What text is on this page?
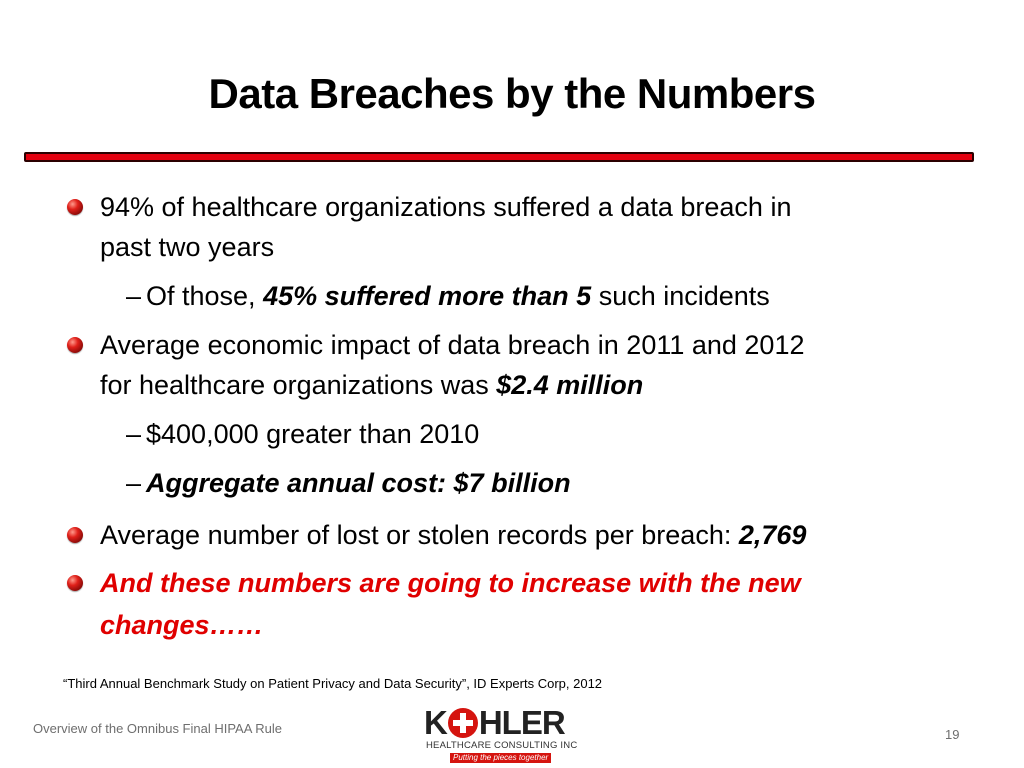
Data Breaches by the Numbers
94% of healthcare organizations suffered a data breach in
past two years
– Of those, 45% suffered more than 5 such incidents
Average economic impact of data breach in 2011 and 2012
for healthcare organizations was $2.4 million
– $400,000 greater than 2010
– Aggregate annual cost: $7 billion
Average number of lost or stolen records per breach: 2,769
And these numbers are going to increase with the new
changes……
“Third Annual Benchmark Study on Patient Privacy and Data Security”, ID Experts Corp, 2012
Overview of the Omnibus Final HIPAA Rule	K HLER
HEALTHCARE CONSULTING INC
Putting the pieces together
19
